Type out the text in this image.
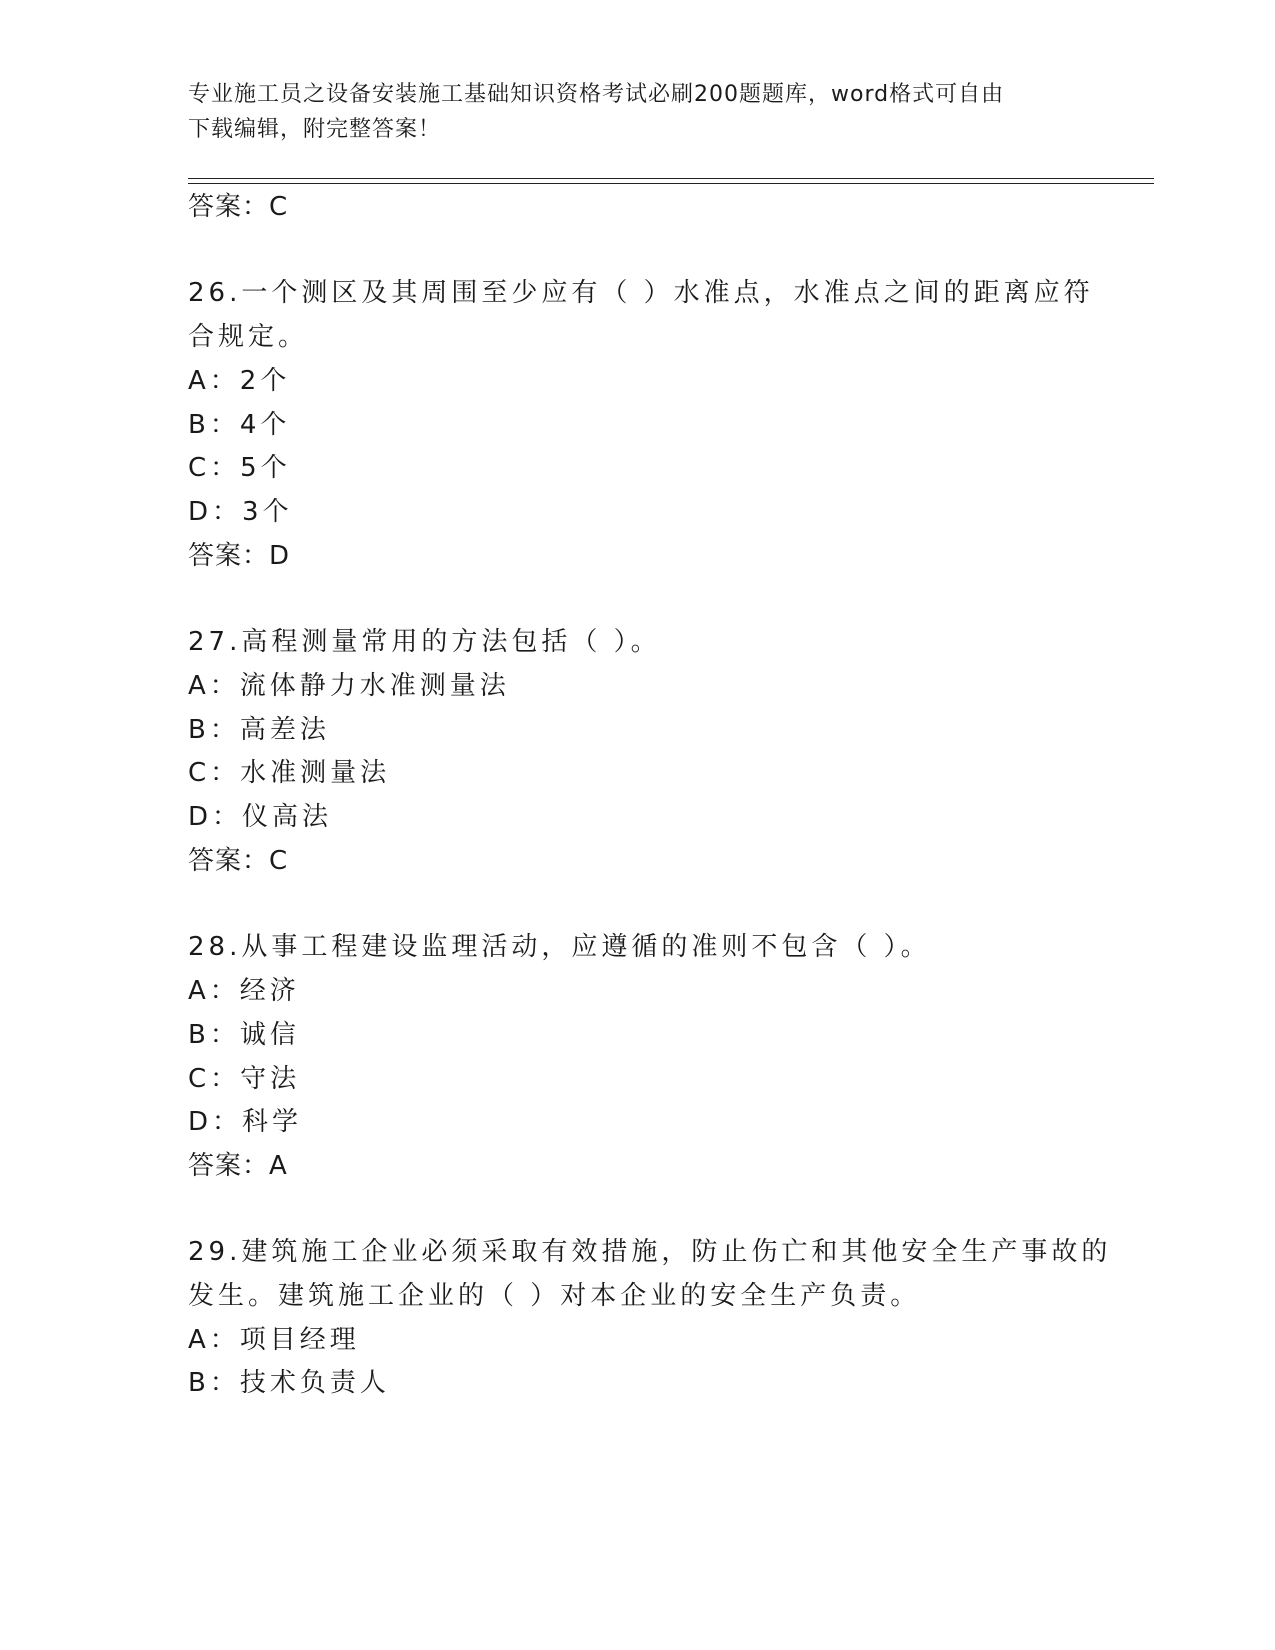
专业施工员之设备安装施工基础知识资格考试必刷200题题库，word格式可自由
下载编辑，附完整答案！
答案：C
26.一个测区及其周围至少应有（ ）水准点，水准点之间的距离应符
合规定。
A：2个
B：4个
C：5个
D：3个
答案：D
27.高程测量常用的方法包括（ ）。
A：流体静力水准测量法
B：高差法
C：水准测量法
D：仪高法
答案：C
28.从事工程建设监理活动，应遵循的准则不包含（ ）。
A：经济
B：诚信
C：守法
D：科学
答案：A
29.建筑施工企业必须采取有效措施，防止伤亡和其他安全生产事故的
发生。建筑施工企业的（ ）对本企业的安全生产负责。
A：项目经理
B：技术负责人
